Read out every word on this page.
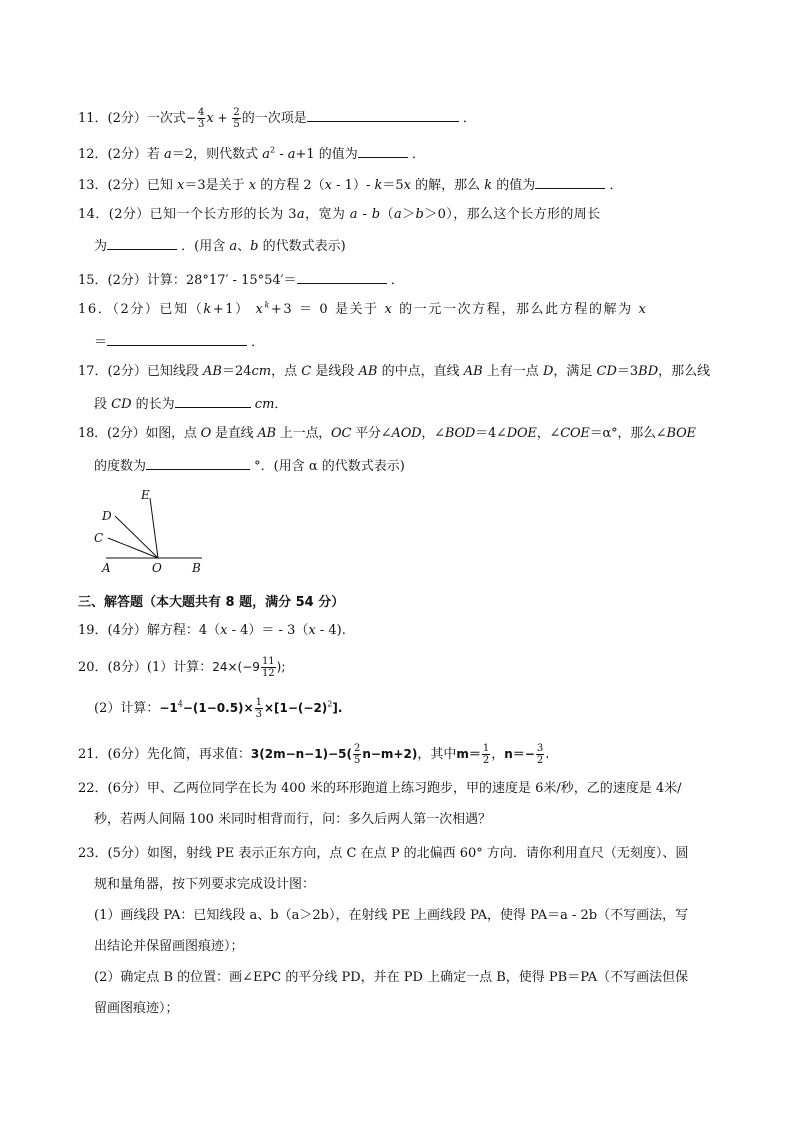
11．(2分）一次式− $\frac{4}{3}$ $x + \frac{2}{5}$ 的一次项是	．
12．(2分）若 a＝2，则代数式 $a^2 - a+1$ 的值为	．
13．(2分）已知 x＝3是关于 x 的方程 2（x - 1）- k＝5x 的解，那么 k 的值为	．
14．(2分）已知一个长方形的长为 3a，宽为 a - b（a＞b＞0），那么这个长方形的周长
为	．(用含 a、b 的代数式表示)
15．(2分）计算：28°17′ - 15°54′＝	．
16．（2分）已知（k+1） $x^k+3 = 0$ 是关于 x 的一元一次方程，那么此方程的解为 x
＝	．
17．(2分）已知线段 AB＝24cm，点 C 是线段 AB 的中点，直线 AB 上有一点 D，满足 CD＝3BD，那么线
段 CD 的长为	cm．
18．(2分）如图，点 O 是直线 AB 上一点，OC 平分∠AOD，∠BOD＝4∠DOE，∠COE＝α°，那么∠BOE
的度数为	°．(用含 α 的代数式表示)
E
D
C
A	O	B
三、解答题（本大题共有 8 题，满分 54 分）
19．(4分）解方程：4（x - 4）＝ - 3（x - 4).
20．(8分）(1）计算：$24\times(-9 \frac{11}{12}$ );
(2）计算：$-1^4-(1-0.5)\times \frac{1}{3} \times[1-(-2)^2]$.
21．(6分）先化简，再求值：$3(2m-n-1)-5( \frac{2}{5} n-m+2)$，其中$m= \frac{1}{2}$ ，$n=- \frac{3}{2}$ .
22．(6分）甲、乙两位同学在长为 400 米的环形跑道上练习跑步，甲的速度是 6米/秒，乙的速度是 4米/
秒，若两人间隔 100 米同时相背而行，问：多久后两人第一次相遇？
23．(5分）如图，射线 PE 表示正东方向，点 C 在点 P 的北偏西 60° 方向．请你利用直尺（无刻度）、圆
规和量角器，按下列要求完成设计图：
(1）画线段 PA：已知线段 a、b（a＞2b），在射线 PE 上画线段 PA，使得 PA＝a - 2b（不写画法，写
出结论并保留画图痕迹）；
(2）确定点 B 的位置：画∠EPC 的平分线 PD，并在 PD 上确定一点 B，使得 PB＝PA（不写画法但保
留画图痕迹）；
